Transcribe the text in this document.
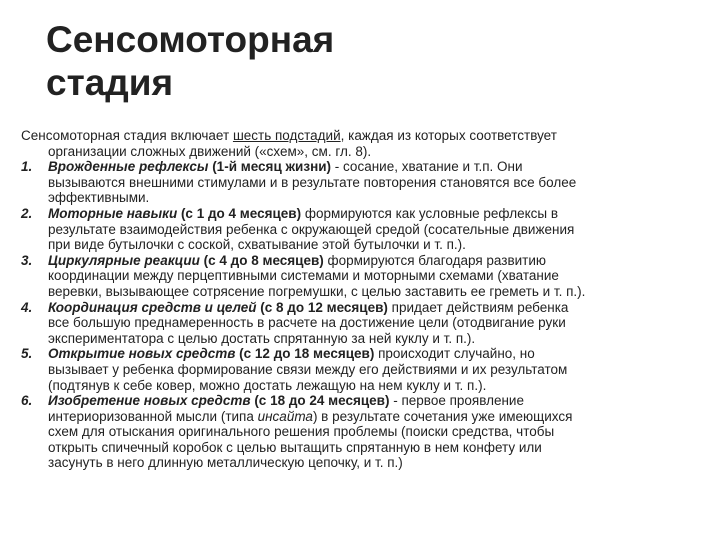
Сенсомоторная
стадия
Сенсомоторная стадия включает шесть подстадий, каждая из которых соответствует
организации сложных движений («схем», см. гл. 8).
1. Врожденные рефлексы (1-й месяц жизни) - сосание, хватание и т.п. Они
вызываются внешними стимулами и в результате повторения становятся все более
эффективными.
2. Моторные навыки (с 1 до 4 месяцев) формируются как условные рефлексы в
результате взаимодействия ребенка с окружающей средой (сосательные движения
при виде бутылочки с соской, схватывание этой бутылочки и т. п.).
3. Циркулярные реакции (с 4 до 8 месяцев) формируются благодаря развитию
координации между перцептивными системами и моторными схемами (хватание
веревки, вызывающее сотрясение погремушки, с целью заставить ее греметь и т. п.).
4. Координация средств и целей (с 8 до 12 месяцев) придает действиям ребенка
все большую преднамеренность в расчете на достижение цели (отодвигание руки
экспериментатора с целью достать спрятанную за ней куклу и т. п.).
5. Открытие новых средств (с 12 до 18 месяцев) происходит случайно, но
вызывает у ребенка формирование связи между его действиями и их результатом
(подтянув к себе ковер, можно достать лежащую на нем куклу и т. п.).
6. Изобретение новых средств (с 18 до 24 месяцев) - первое проявление
интериоризованной мысли (типа инсайта) в результате сочетания уже имеющихся
схем для отыскания оригинального решения проблемы (поиски средства, чтобы
открыть спичечный коробок с целью вытащить спрятанную в нем конфету или
засунуть в него длинную металлическую цепочку, и т. п.)
